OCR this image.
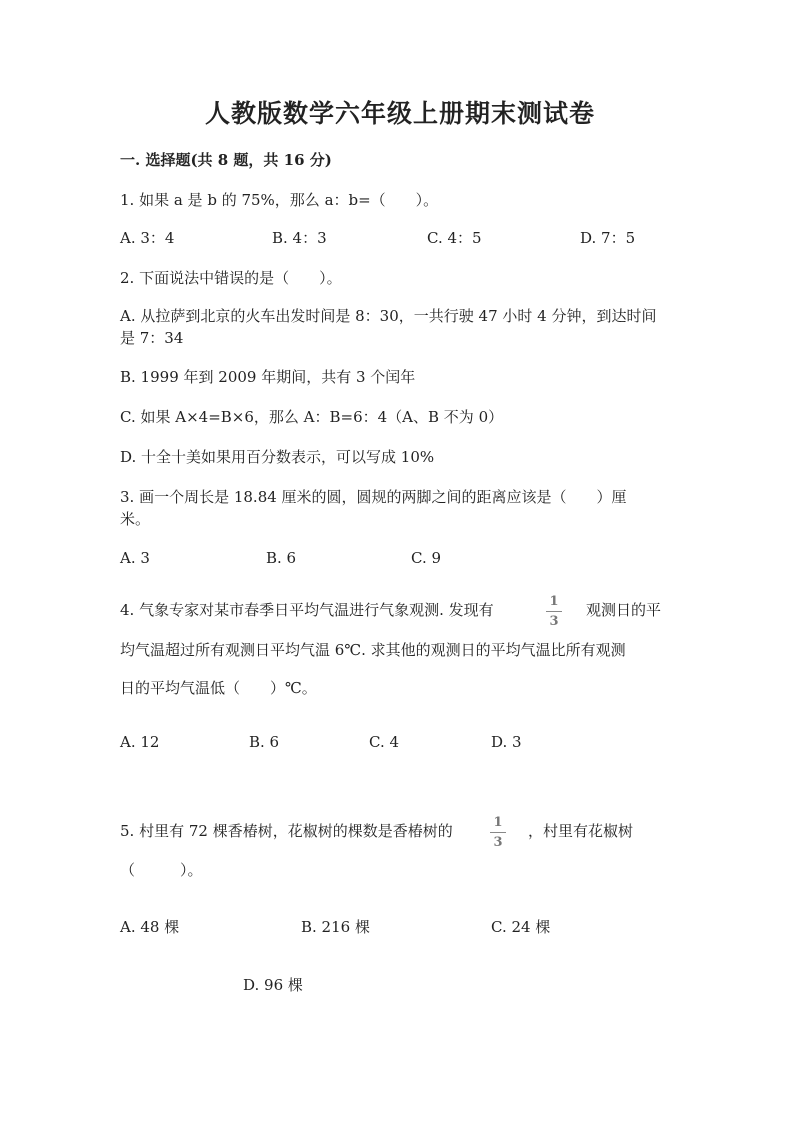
人教版数学六年级上册期末测试卷
一. 选择题(共 8 题，共 16 分)
1. 如果 a 是 b 的 75%，那么 a：b=（　　）。
A. 3：4	B. 4：3	C. 4：5	D. 7：5
2. 下面说法中错误的是（　　）。
A. 从拉萨到北京的火车出发时间是 8：30，一共行驶 47 小时 4 分钟，到达时间
是 7：34
B. 1999 年到 2009 年期间，共有 3 个闰年
C. 如果 A×4=B×6，那么 A：B=6：4（A、B 不为 0）
D. 十全十美如果用百分数表示，可以写成 10%
3. 画一个周长是 18.84 厘米的圆，圆规的两脚之间的距离应该是（　　）厘
米。
A. 3	B. 6	C. 9
4. 气象专家对某市春季日平均气温进行气象观测. 发现有	1
3
观测日的平
均气温超过所有观测日平均气温 6℃. 求其他的观测日的平均气温比所有观测
日的平均气温低（　　）℃。
A. 12	B. 6	C. 4	D. 3
5. 村里有 72 棵香椿树，花椒树的棵数是香椿树的	1
3
，村里有花椒树
（　　　）。
A. 48 棵	B. 216 棵	C. 24 棵
D. 96 棵
